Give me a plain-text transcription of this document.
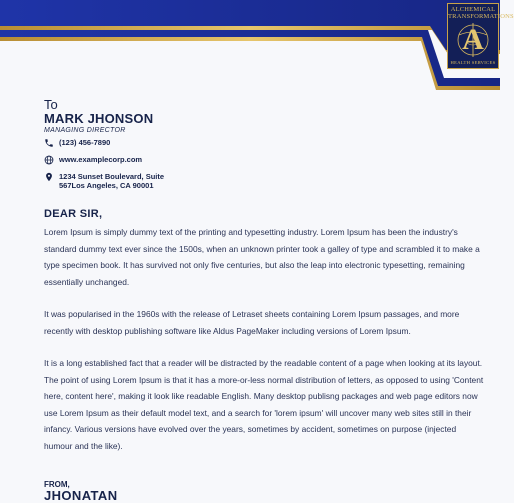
ALCHEMICAL TRANSFORMATIONS
A
HEALTH SERVICES
To
MARK JHONSON
MANAGING DIRECTOR
(123) 456-7890
www.examplecorp.com
1234 Sunset Boulevard, Suite 567Los Angeles, CA 90001
DEAR SIR,

Lorem Ipsum is simply dummy text of the printing and typesetting industry. Lorem Ipsum has been the industry's standard dummy text ever since the 1500s, when an unknown printer took a galley of type and scrambled it to make a type specimen book. It has survived not only five centuries, but also the leap into electronic typesetting, remaining essentially unchanged.

It was popularised in the 1960s with the release of Letraset sheets containing Lorem Ipsum passages, and more recently with desktop publishing software like Aldus PageMaker including versions of Lorem Ipsum.

It is a long established fact that a reader will be distracted by the readable content of a page when looking at its layout. The point of using Lorem Ipsum is that it has a more-or-less normal distribution of letters, as opposed to using 'Content here, content here', making it look like readable English. Many desktop publisng packages and web page editors now use Lorem Ipsum as their default model text, and a search for 'lorem ipsum' will uncover many web sites still in their infancy. Various versions have evolved over the years, sometimes by accident, sometimes on purpose (injected humour and the like).

FROM,
JHONATAN
